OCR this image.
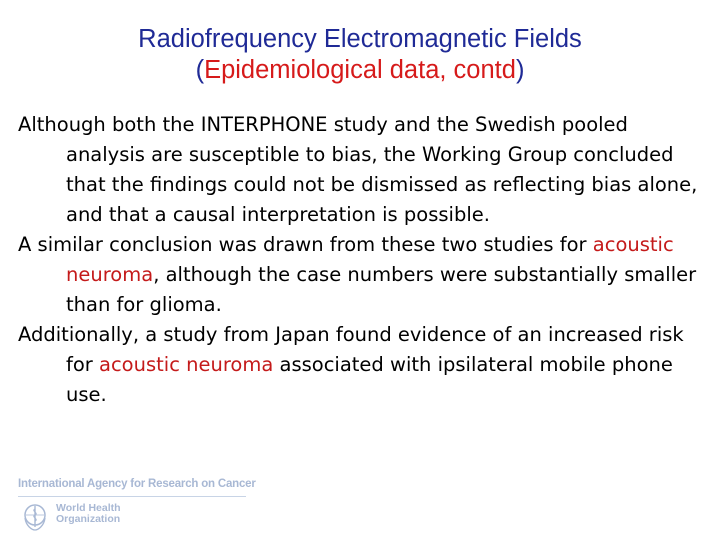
Radiofrequency Electromagnetic Fields
(Epidemiological data, contd)

Although both the INTERPHONE study and the Swedish pooled analysis are susceptible to bias, the Working Group concluded that the findings could not be dismissed as reflecting bias alone, and that a causal interpretation is possible.

A similar conclusion was drawn from these two studies for acoustic neuroma, although the case numbers were substantially smaller than for glioma.

Additionally, a study from Japan found evidence of an increased risk for acoustic neuroma associated with ipsilateral mobile phone use.

International Agency for Research on Cancer
World Health
Organization
